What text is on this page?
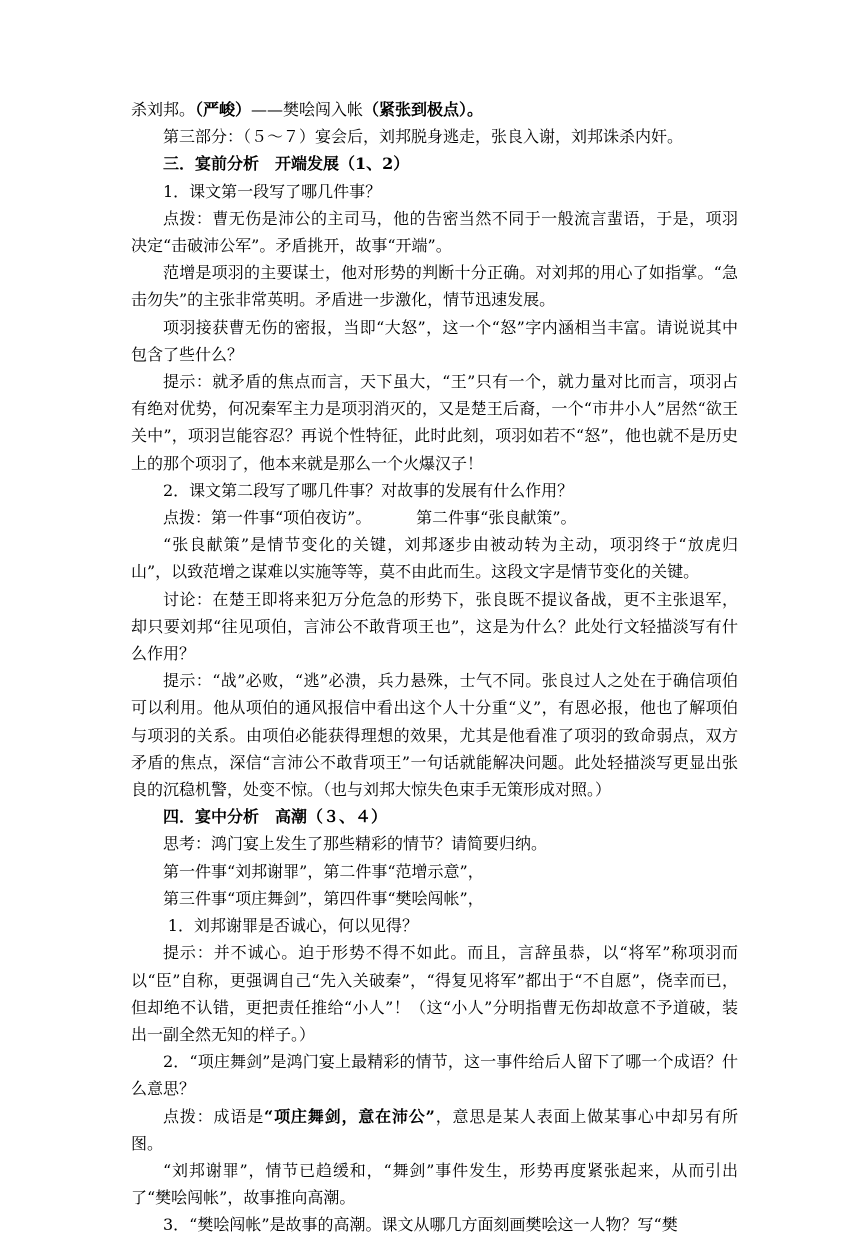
杀刘邦。（严峻）——樊哙闯入帐（紧张到极点）。

第三部分：（５～７）宴会后，刘邦脱身逃走，张良入谢，刘邦诛杀内奸。

三．宴前分析　开端发展（1、2）

1．课文第一段写了哪几件事？

点拨：曹无伤是沛公的主司马，他的告密当然不同于一般流言蜚语，于是，项羽决定“击破沛公军”。矛盾挑开，故事“开端”。

范增是项羽的主要谋士，他对形势的判断十分正确。对刘邦的用心了如指掌。“急击勿失”的主张非常英明。矛盾进一步激化，情节迅速发展。

项羽接获曹无伤的密报，当即“大怒”，这一个“怒”字内涵相当丰富。请说说其中包含了些什么？

提示：就矛盾的焦点而言，天下虽大，“王”只有一个，就力量对比而言，项羽占有绝对优势，何况秦军主力是项羽消灭的，又是楚王后裔，一个“市井小人”居然“欲王关中”，项羽岂能容忍？再说个性特征，此时此刻，项羽如若不“怒”，他也就不是历史上的那个项羽了，他本来就是那么一个火爆汉子！

2．课文第二段写了哪几件事？对故事的发展有什么作用？

点拨：第一件事“项伯夜访”。	第二件事“张良献策”。

“张良献策”是情节变化的关键，刘邦逐步由被动转为主动，项羽终于“放虎归山”，以致范增之谋难以实施等等，莫不由此而生。这段文字是情节变化的关键。

讨论：在楚王即将来犯万分危急的形势下，张良既不提议备战，更不主张退军，却只要刘邦“往见项伯，言沛公不敢背项王也”，这是为什么？此处行文轻描淡写有什么作用？

提示：“战”必败，“逃”必溃，兵力悬殊，士气不同。张良过人之处在于确信项伯可以利用。他从项伯的通风报信中看出这个人十分重“义”，有恩必报，他也了解项伯与项羽的关系。由项伯必能获得理想的效果，尤其是他看准了项羽的致命弱点，双方矛盾的焦点，深信“言沛公不敢背项王”一句话就能解决问题。此处轻描淡写更显出张良的沉稳机警，处变不惊。（也与刘邦大惊失色束手无策形成对照。）

四．宴中分析　高潮（３、４）

思考：鸿门宴上发生了那些精彩的情节？请简要归纳。

第一件事“刘邦谢罪”，第二件事“范增示意”，

第三件事“项庄舞剑”，第四件事“樊哙闯帐”，

1．刘邦谢罪是否诚心，何以见得？

提示：并不诚心。迫于形势不得不如此。而且，言辞虽恭，以“将军”称项羽而以“臣”自称，更强调自己“先入关破秦”，“得复见将军”都出于“不自愿”，侥幸而已，但却绝不认错，更把责任推给“小人”！（这“小人”分明指曹无伤却故意不予道破，装出一副全然无知的样子。）

2．“项庄舞剑”是鸿门宴上最精彩的情节，这一事件给后人留下了哪一个成语？什么意思？

点拨：成语是“项庄舞剑，意在沛公”，意思是某人表面上做某事心中却另有所图。

“刘邦谢罪”，情节已趋缓和，“舞剑”事件发生，形势再度紧张起来，从而引出了“樊哙闯帐”，故事推向高潮。

3．“樊哙闯帐”是故事的高潮。课文从哪几方面刻画樊哙这一人物？写“樊
